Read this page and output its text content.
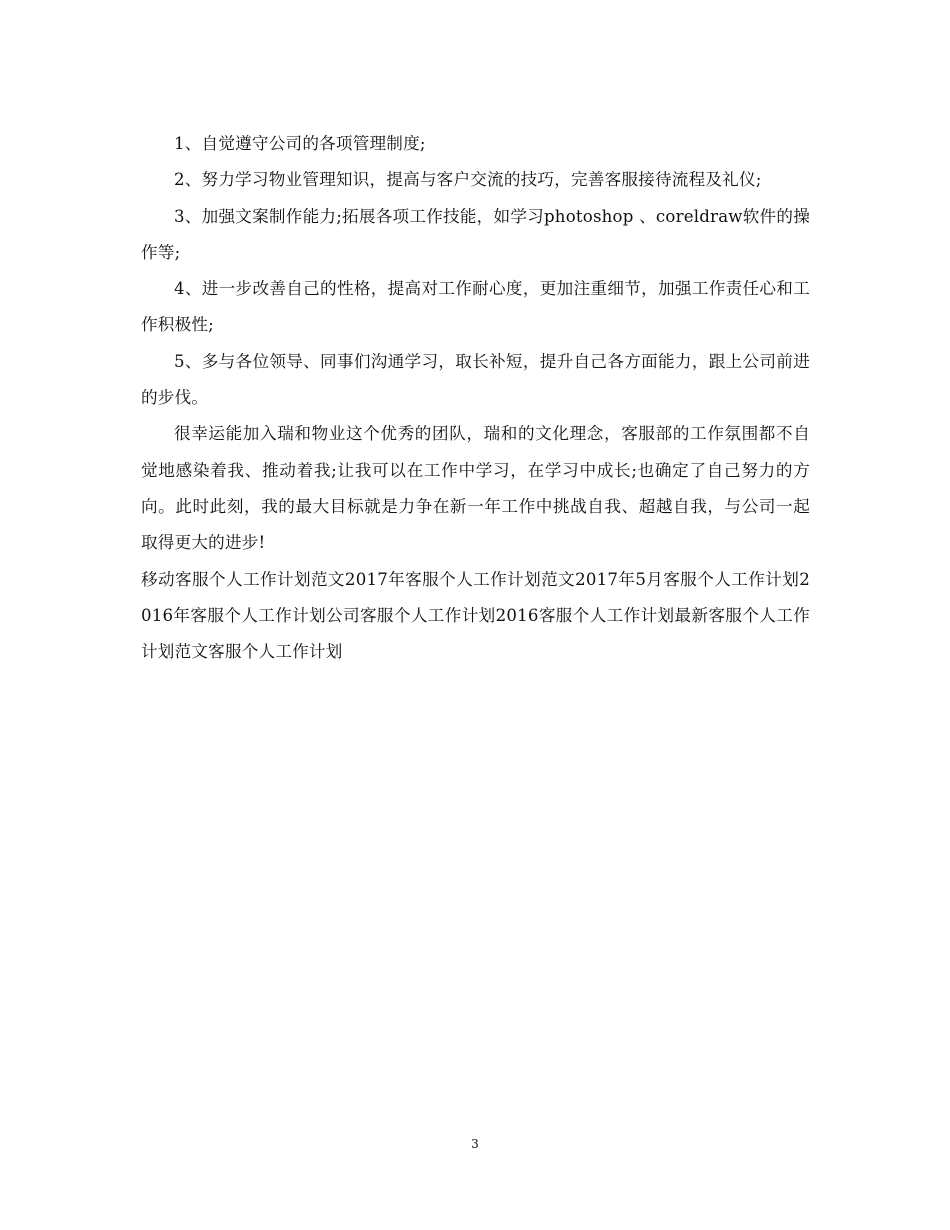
1、自觉遵守公司的各项管理制度;

2、努力学习物业管理知识，提高与客户交流的技巧，完善客服接待流程及礼仪;

3、加强文案制作能力;拓展各项工作技能，如学习photoshop 、coreldraw软件的操作等;

4、进一步改善自己的性格，提高对工作耐心度，更加注重细节，加强工作责任心和工作积极性;

5、多与各位领导、同事们沟通学习，取长补短，提升自己各方面能力，跟上公司前进的步伐。

很幸运能加入瑞和物业这个优秀的团队，瑞和的文化理念，客服部的工作氛围都不自觉地感染着我、推动着我;让我可以在工作中学习，在学习中成长;也确定了自己努力的方向。此时此刻，我的最大目标就是力争在新一年工作中挑战自我、超越自我，与公司一起取得更大的进步!

移动客服个人工作计划范文2017年客服个人工作计划范文2017年5月客服个人工作计划2016年客服个人工作计划公司客服个人工作计划2016客服个人工作计划最新客服个人工作计划范文客服个人工作计划

3
